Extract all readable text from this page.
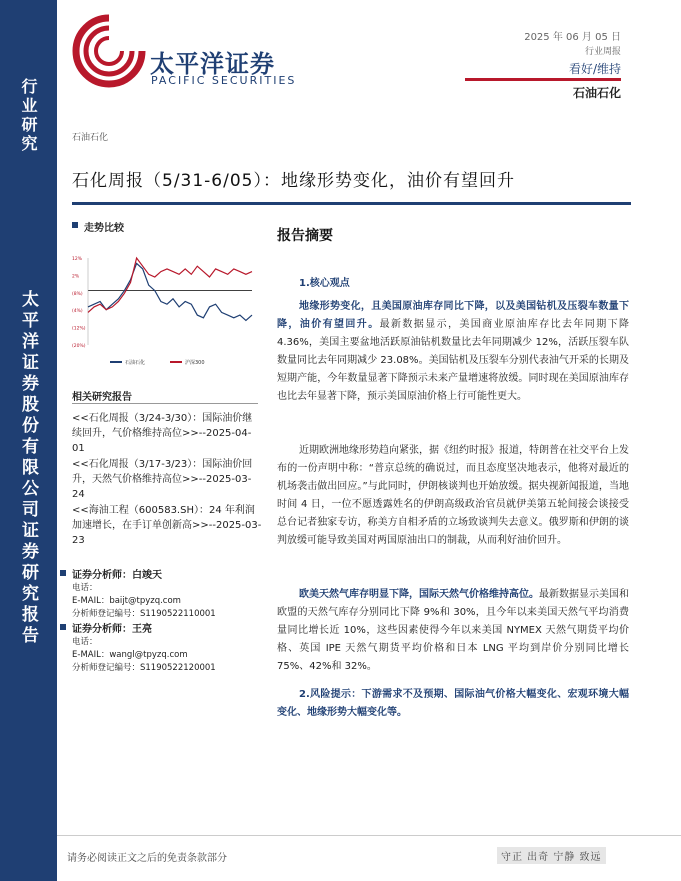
行业研究
太平洋证券股份有限公司证券研究报告
太平洋证券
PACIFIC SECURITIES
2025 年 06 月 05 日
行业周报
看好/维持
石油石化
石油石化
石化周报（5/31-6/05）：地缘形势变化，油价有望回升
走势比较
12%
2%
(8%)
(4%)
(12%)
(20%)
石油石化	沪深300
相关研究报告
<<石化周报（3/24-3/30）：国际油价继续回升，气价格维持高位>>--2025-04-01
<<石化周报（3/17-3/23）：国际油价回升，天然气价格维持高位>>--2025-03-24
<<海油工程（600583.SH）：24 年利润加速增长，在手订单创新高>>--2025-03-23
证券分析师：白竣天
电话：
E-MAIL：baijt@tpyzq.com
分析师登记编号：S1190522110001
证券分析师：王亮
电话：
E-MAIL：wangl@tpyzq.com
分析师登记编号：S1190522120001
报告摘要
1.核心观点
地缘形势变化，且美国原油库存同比下降，以及美国钻机及压裂车数量下降，油价有望回升。最新数据显示，美国商业原油库存比去年同期下降 4.36%，美国主要盆地活跃原油钻机数量比去年同期减少 12%，活跃压裂车队数量同比去年同期减少 23.08%。美国钻机及压裂车分别代表油气开采的长期及短期产能，今年数量显著下降预示未来产量增速将放缓。同时现在美国原油库存也比去年显著下降，预示美国原油价格上行可能性更大。
近期欧洲地缘形势趋向紧张，据《纽约时报》报道，特朗普在社交平台上发布的一份声明中称：“普京总统的确说过，而且态度坚决地表示，他将对最近的机场袭击做出回应。”与此同时，伊朗核谈判也开始放缓。据央视新闻报道，当地时间 4 日，一位不愿透露姓名的伊朗高级政治官员就伊美第五轮间接会谈接受总台记者独家专访，称美方自相矛盾的立场致谈判失去意义。俄罗斯和伊朗的谈判放缓可能导致美国对两国原油出口的制裁，从而利好油价回升。
欧美天然气库存明显下降，国际天然气价格维持高位。最新数据显示美国和欧盟的天然气库存分别同比下降 9%和 30%，且今年以来美国天然气平均消费量同比增长近 10%，这些因素使得今年以来美国 NYMEX 天然气期货平均价格、英国 IPE 天然气期货平均价格和日本 LNG 平均到岸价分别同比增长 75%、42%和 32%。
2.风险提示：下游需求不及预期、国际油气价格大幅变化、宏观环境大幅变化、地缘形势大幅变化等。
请务必阅读正文之后的免责条款部分	守正 出奇 宁静 致远
